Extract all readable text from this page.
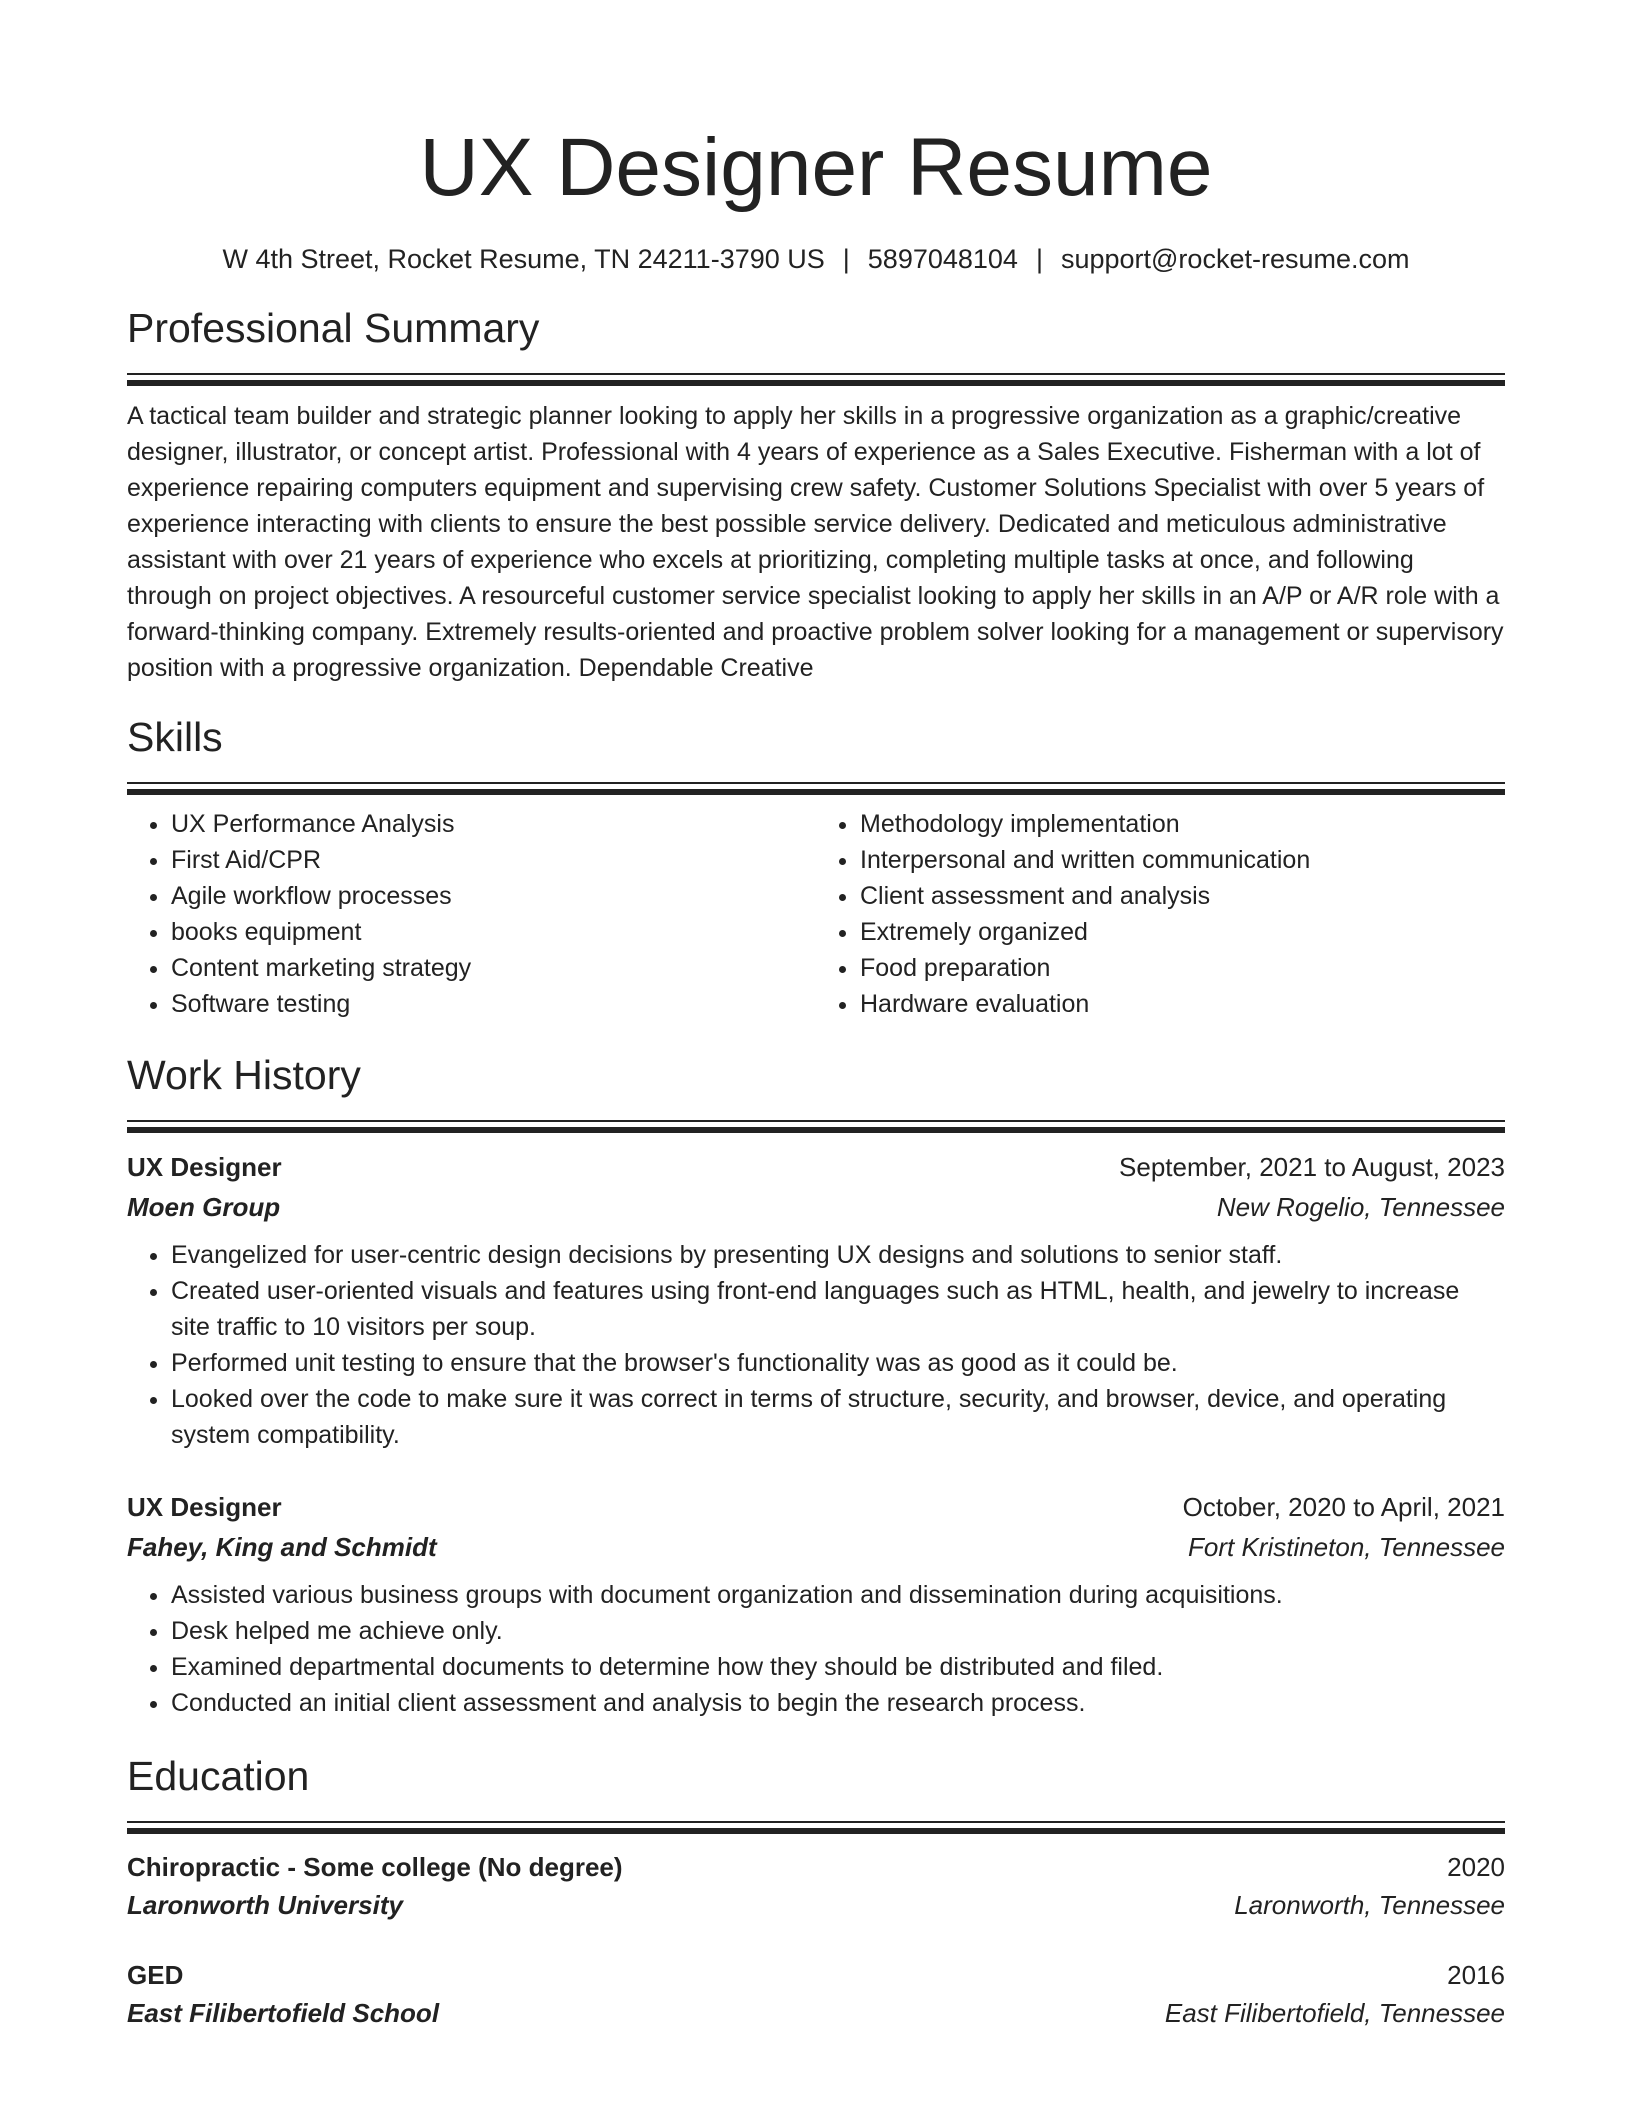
UX Designer Resume
W 4th Street, Rocket Resume, TN 24211-3790 US | 5897048104 | support@rocket-resume.com
Professional Summary

A tactical team builder and strategic planner looking to apply her skills in a progressive organization as a graphic/creative designer, illustrator, or concept artist. Professional with 4 years of experience as a Sales Executive. Fisherman with a lot of experience repairing computers equipment and supervising crew safety. Customer Solutions Specialist with over 5 years of experience interacting with clients to ensure the best possible service delivery. Dedicated and meticulous administrative assistant with over 21 years of experience who excels at prioritizing, completing multiple tasks at once, and following through on project objectives. A resourceful customer service specialist looking to apply her skills in an A/P or A/R role with a forward-thinking company. Extremely results-oriented and proactive problem solver looking for a management or supervisory position with a progressive organization. Dependable Creative

Skills
• UX Performance Analysis
• First Aid/CPR
• Agile workflow processes
• books equipment
• Content marketing strategy
• Software testing
• Methodology implementation
• Interpersonal and written communication
• Client assessment and analysis
• Extremely organized
• Food preparation
• Hardware evaluation
Work History
UX Designer	September, 2021 to August, 2023
Moen Group	New Rogelio, Tennessee
• Evangelized for user-centric design decisions by presenting UX designs and solutions to senior staff.
• Created user-oriented visuals and features using front-end languages such as HTML, health, and jewelry to increase site traffic to 10 visitors per soup.
• Performed unit testing to ensure that the browser's functionality was as good as it could be.
• Looked over the code to make sure it was correct in terms of structure, security, and browser, device, and operating system compatibility.
UX Designer	October, 2020 to April, 2021
Fahey, King and Schmidt	Fort Kristineton, Tennessee
• Assisted various business groups with document organization and dissemination during acquisitions.
• Desk helped me achieve only.
• Examined departmental documents to determine how they should be distributed and filed.
• Conducted an initial client assessment and analysis to begin the research process.
Education
Chiropractic - Some college (No degree)	2020
Laronworth University	Laronworth, Tennessee
GED	2016
East Filibertofield School	East Filibertofield, Tennessee
